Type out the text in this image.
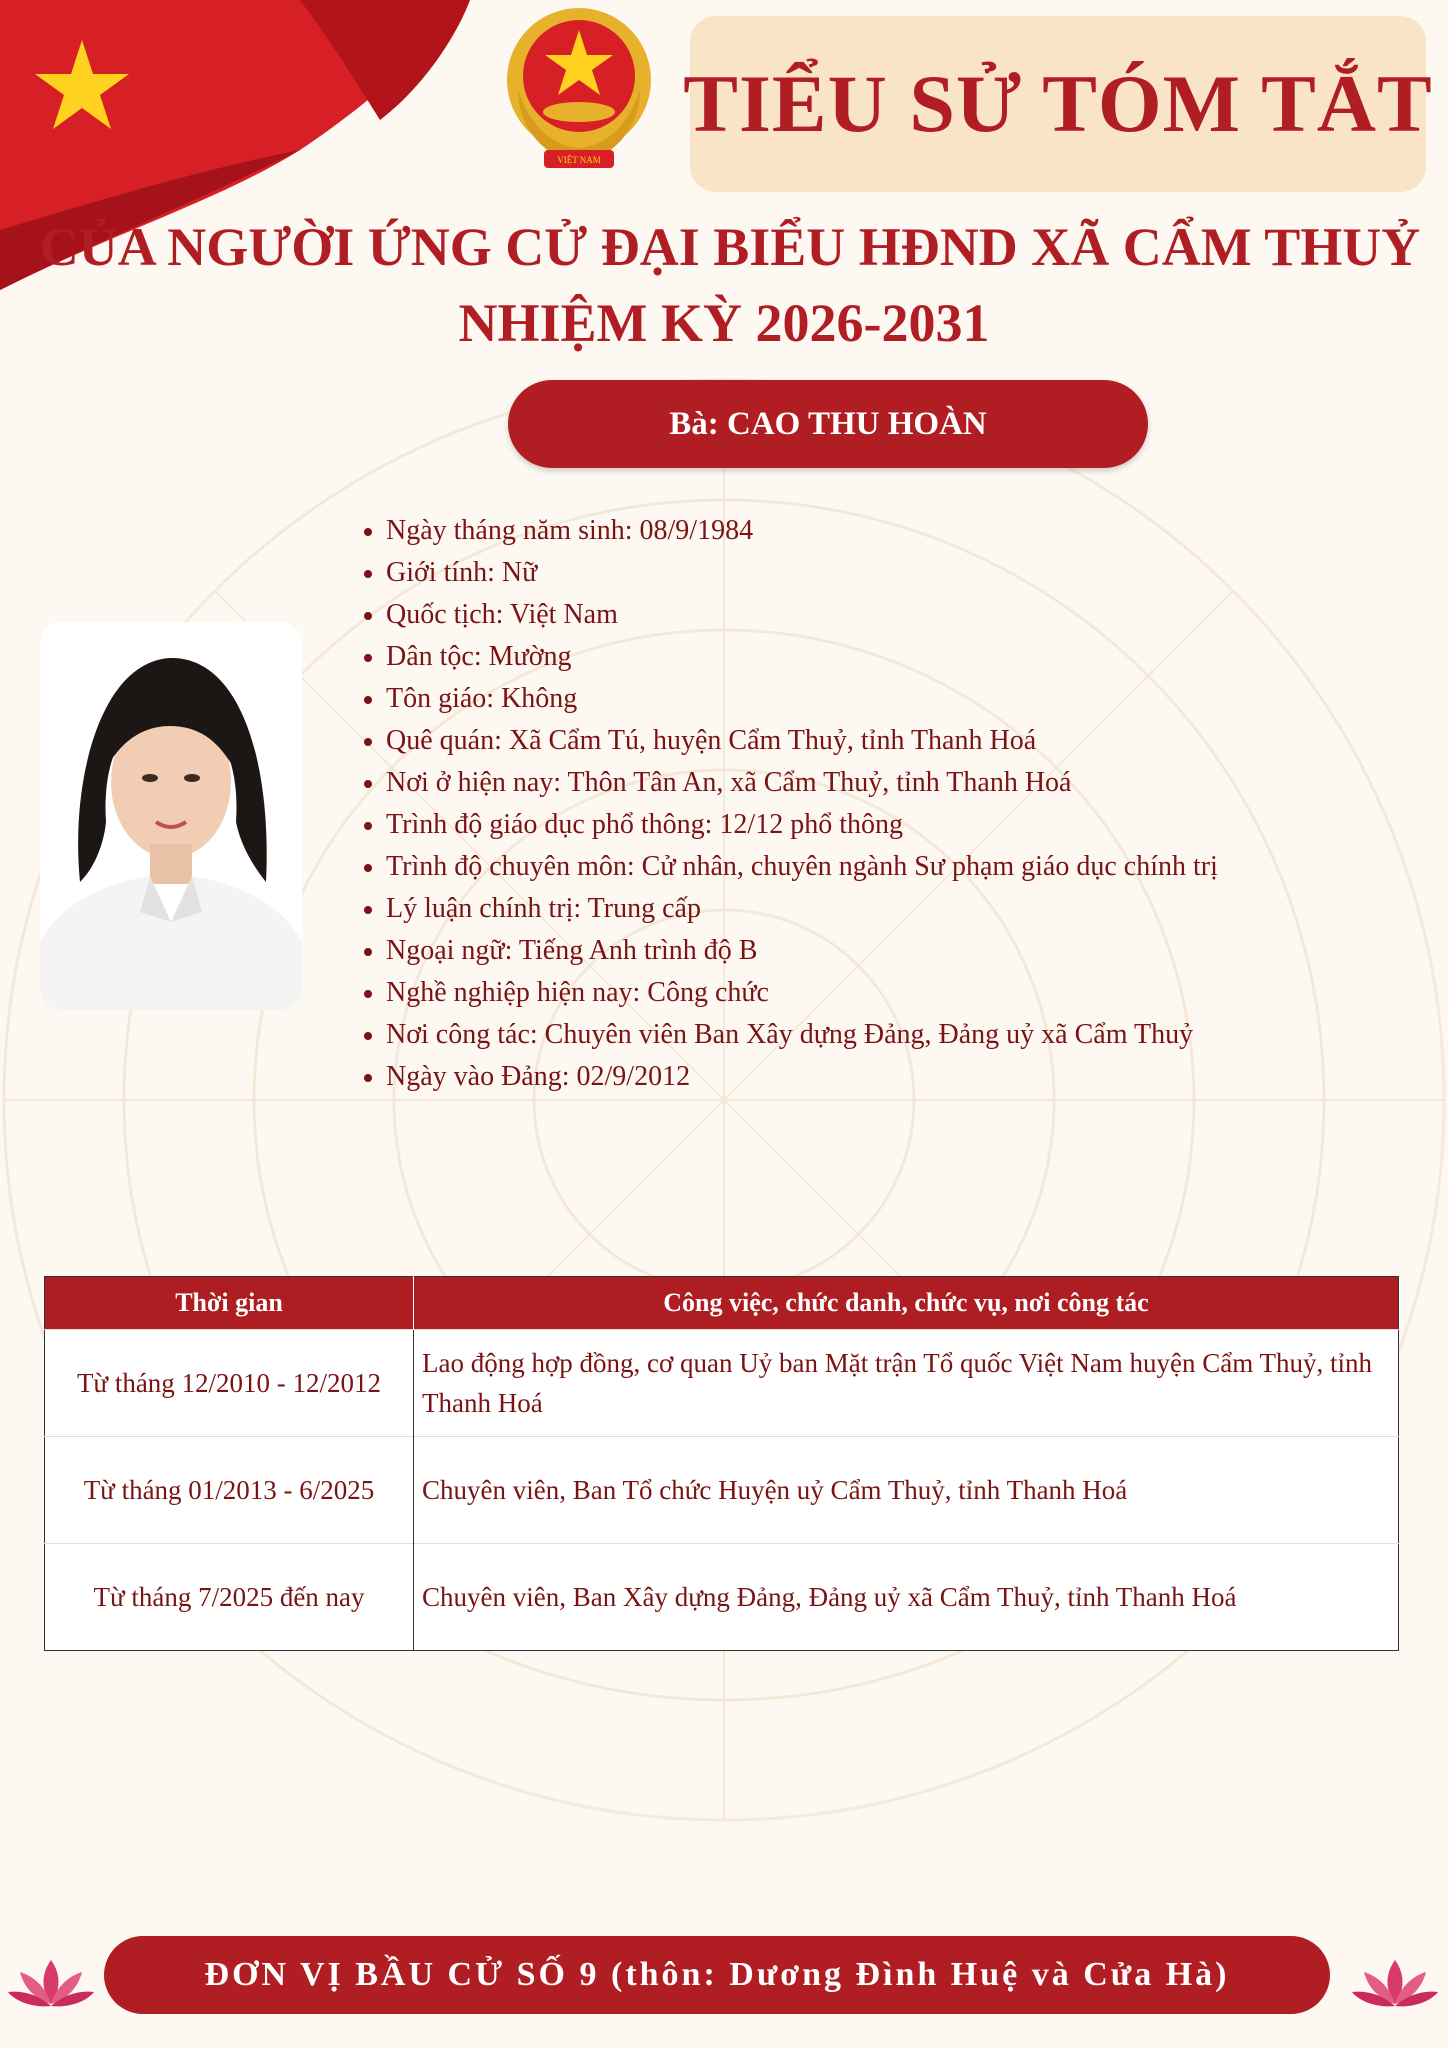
VIỆT NAM
TIỂU SỬ TÓM TẮT
CỦA NGƯỜI ỨNG CỬ ĐẠI BIỂU HĐND XÃ CẨM THUỶ
NHIỆM KỲ 2026-2031
Bà: CAO THU HOÀN
Ngày tháng năm sinh: 08/9/1984
Giới tính: Nữ
Quốc tịch: Việt Nam
Dân tộc: Mường
Tôn giáo: Không
Quê quán: Xã Cẩm Tú, huyện Cẩm Thuỷ, tỉnh Thanh Hoá
Nơi ở hiện nay: Thôn Tân An, xã Cẩm Thuỷ, tỉnh Thanh Hoá
Trình độ giáo dục phổ thông: 12/12 phổ thông
Trình độ chuyên môn: Cử nhân, chuyên ngành Sư phạm giáo dục chính trị
Lý luận chính trị: Trung cấp
Ngoại ngữ: Tiếng Anh trình độ B
Nghề nghiệp hiện nay: Công chức
Nơi công tác: Chuyên viên Ban Xây dựng Đảng, Đảng uỷ xã Cẩm Thuỷ
Ngày vào Đảng: 02/9/2012
Thời gian	Công việc, chức danh, chức vụ, nơi công tác
Từ tháng 12/2010 - 12/2012	Lao động hợp đồng, cơ quan Uỷ ban Mặt trận Tổ quốc Việt Nam huyện Cẩm Thuỷ, tỉnh Thanh Hoá
Từ tháng 01/2013 - 6/2025	Chuyên viên, Ban Tổ chức Huyện uỷ Cẩm Thuỷ, tỉnh Thanh Hoá
Từ tháng 7/2025 đến nay	Chuyên viên, Ban Xây dựng Đảng, Đảng uỷ xã Cẩm Thuỷ, tỉnh Thanh Hoá
ĐƠN VỊ BẦU CỬ SỐ 9 (thôn: Dương Đình Huệ và Cửa Hà)
